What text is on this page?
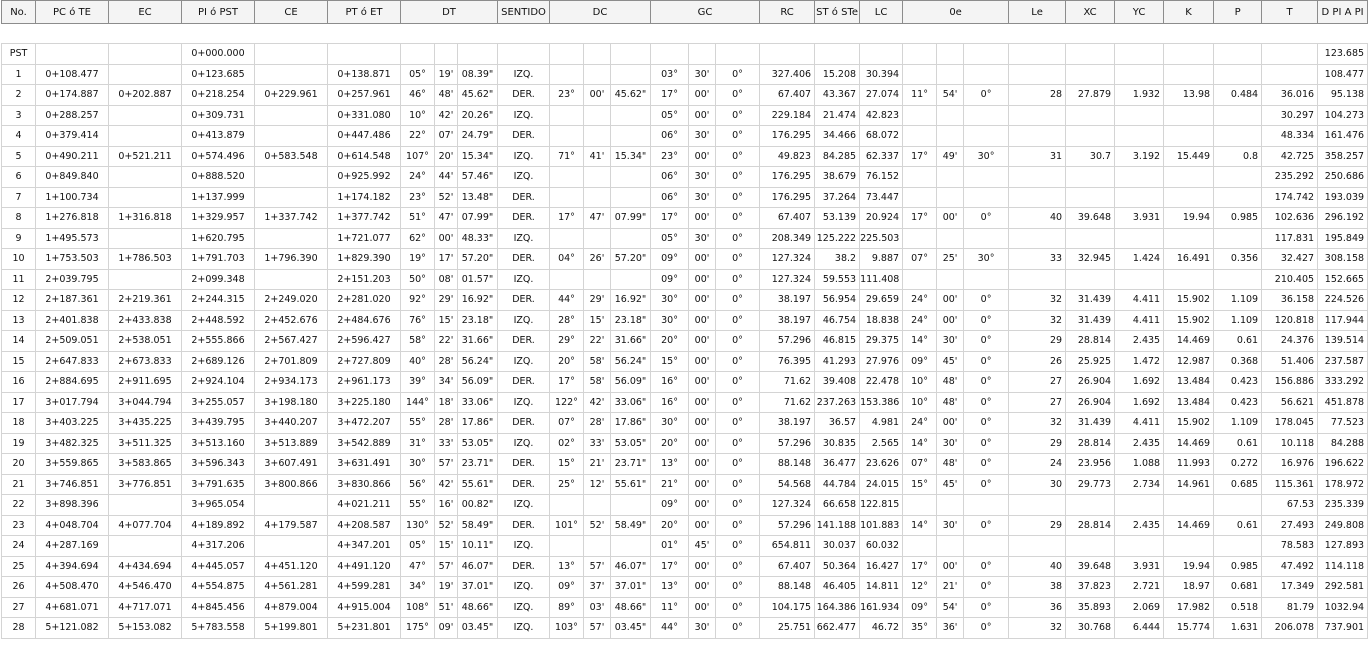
No.	PC ó TE	EC	PI ó PST	CE	PT ó ET	DT			SENTIDO	DC			GC			RC	ST ó STe	LC	0e			Le	XC	YC	K	P	T	D PI A PI

PST			0+000.000																									123.685
1	0+108.477		0+123.685		0+138.871	05°	19'	08.39"	IZQ.				03°	30'	0°	327.406	15.208	30.394										108.477
2	0+174.887	0+202.887	0+218.254	0+229.961	0+257.961	46°	48'	45.62"	DER.	23°	00'	45.62"	17°	00'	0°	67.407	43.367	27.074	11°	54'	0°	28	27.879	1.932	13.98	0.484	36.016	95.138
3	0+288.257		0+309.731		0+331.080	10°	42'	20.26"	IZQ.				05°	00'	0°	229.184	21.474	42.823									30.297	104.273
4	0+379.414		0+413.879		0+447.486	22°	07'	24.79"	DER.				06°	30'	0°	176.295	34.466	68.072									48.334	161.476
5	0+490.211	0+521.211	0+574.496	0+583.548	0+614.548	107°	20'	15.34"	IZQ.	71°	41'	15.34"	23°	00'	0°	49.823	84.285	62.337	17°	49'	30°	31	30.7	3.192	15.449	0.8	42.725	358.257
6	0+849.840		0+888.520		0+925.992	24°	44'	57.46"	IZQ.				06°	30'	0°	176.295	38.679	76.152									235.292	250.686
7	1+100.734		1+137.999		1+174.182	23°	52'	13.48"	DER.				06°	30'	0°	176.295	37.264	73.447									174.742	193.039
8	1+276.818	1+316.818	1+329.957	1+337.742	1+377.742	51°	47'	07.99"	DER.	17°	47'	07.99"	17°	00'	0°	67.407	53.139	20.924	17°	00'	0°	40	39.648	3.931	19.94	0.985	102.636	296.192
9	1+495.573		1+620.795		1+721.077	62°	00'	48.33"	IZQ.				05°	30'	0°	208.349	125.222	225.503									117.831	195.849
10	1+753.503	1+786.503	1+791.703	1+796.390	1+829.390	19°	17'	57.20"	DER.	04°	26'	57.20"	09°	00'	0°	127.324	38.2	9.887	07°	25'	30°	33	32.945	1.424	16.491	0.356	32.427	308.158
11	2+039.795		2+099.348		2+151.203	50°	08'	01.57"	IZQ.				09°	00'	0°	127.324	59.553	111.408									210.405	152.665
12	2+187.361	2+219.361	2+244.315	2+249.020	2+281.020	92°	29'	16.92"	DER.	44°	29'	16.92"	30°	00'	0°	38.197	56.954	29.659	24°	00'	0°	32	31.439	4.411	15.902	1.109	36.158	224.526
13	2+401.838	2+433.838	2+448.592	2+452.676	2+484.676	76°	15'	23.18"	IZQ.	28°	15'	23.18"	30°	00'	0°	38.197	46.754	18.838	24°	00'	0°	32	31.439	4.411	15.902	1.109	120.818	117.944
14	2+509.051	2+538.051	2+555.866	2+567.427	2+596.427	58°	22'	31.66"	DER.	29°	22'	31.66"	20°	00'	0°	57.296	46.815	29.375	14°	30'	0°	29	28.814	2.435	14.469	0.61	24.376	139.514
15	2+647.833	2+673.833	2+689.126	2+701.809	2+727.809	40°	28'	56.24"	IZQ.	20°	58'	56.24"	15°	00'	0°	76.395	41.293	27.976	09°	45'	0°	26	25.925	1.472	12.987	0.368	51.406	237.587
16	2+884.695	2+911.695	2+924.104	2+934.173	2+961.173	39°	34'	56.09"	DER.	17°	58'	56.09"	16°	00'	0°	71.62	39.408	22.478	10°	48'	0°	27	26.904	1.692	13.484	0.423	156.886	333.292
17	3+017.794	3+044.794	3+255.057	3+198.180	3+225.180	144°	18'	33.06"	IZQ.	122°	42'	33.06"	16°	00'	0°	71.62	237.263	153.386	10°	48'	0°	27	26.904	1.692	13.484	0.423	56.621	451.878
18	3+403.225	3+435.225	3+439.795	3+440.207	3+472.207	55°	28'	17.86"	DER.	07°	28'	17.86"	30°	00'	0°	38.197	36.57	4.981	24°	00'	0°	32	31.439	4.411	15.902	1.109	178.045	77.523
19	3+482.325	3+511.325	3+513.160	3+513.889	3+542.889	31°	33'	53.05"	IZQ.	02°	33'	53.05"	20°	00'	0°	57.296	30.835	2.565	14°	30'	0°	29	28.814	2.435	14.469	0.61	10.118	84.288
20	3+559.865	3+583.865	3+596.343	3+607.491	3+631.491	30°	57'	23.71"	DER.	15°	21'	23.71"	13°	00'	0°	88.148	36.477	23.626	07°	48'	0°	24	23.956	1.088	11.993	0.272	16.976	196.622
21	3+746.851	3+776.851	3+791.635	3+800.866	3+830.866	56°	42'	55.61"	DER.	25°	12'	55.61"	21°	00'	0°	54.568	44.784	24.015	15°	45'	0°	30	29.773	2.734	14.961	0.685	115.361	178.972
22	3+898.396		3+965.054		4+021.211	55°	16'	00.82"	IZQ.				09°	00'	0°	127.324	66.658	122.815									67.53	235.339
23	4+048.704	4+077.704	4+189.892	4+179.587	4+208.587	130°	52'	58.49"	DER.	101°	52'	58.49"	20°	00'	0°	57.296	141.188	101.883	14°	30'	0°	29	28.814	2.435	14.469	0.61	27.493	249.808
24	4+287.169		4+317.206		4+347.201	05°	15'	10.11"	IZQ.				01°	45'	0°	654.811	30.037	60.032									78.583	127.893
25	4+394.694	4+434.694	4+445.057	4+451.120	4+491.120	47°	57'	46.07"	DER.	13°	57'	46.07"	17°	00'	0°	67.407	50.364	16.427	17°	00'	0°	40	39.648	3.931	19.94	0.985	47.492	114.118
26	4+508.470	4+546.470	4+554.875	4+561.281	4+599.281	34°	19'	37.01"	IZQ.	09°	37'	37.01"	13°	00'	0°	88.148	46.405	14.811	12°	21'	0°	38	37.823	2.721	18.97	0.681	17.349	292.581
27	4+681.071	4+717.071	4+845.456	4+879.004	4+915.004	108°	51'	48.66"	IZQ.	89°	03'	48.66"	11°	00'	0°	104.175	164.386	161.934	09°	54'	0°	36	35.893	2.069	17.982	0.518	81.79	1032.94
28	5+121.082	5+153.082	5+783.558	5+199.801	5+231.801	175°	09'	03.45"	IZQ.	103°	57'	03.45"	44°	30'	0°	25.751	662.477	46.72	35°	36'	0°	32	30.768	6.444	15.774	1.631	206.078	737.901
